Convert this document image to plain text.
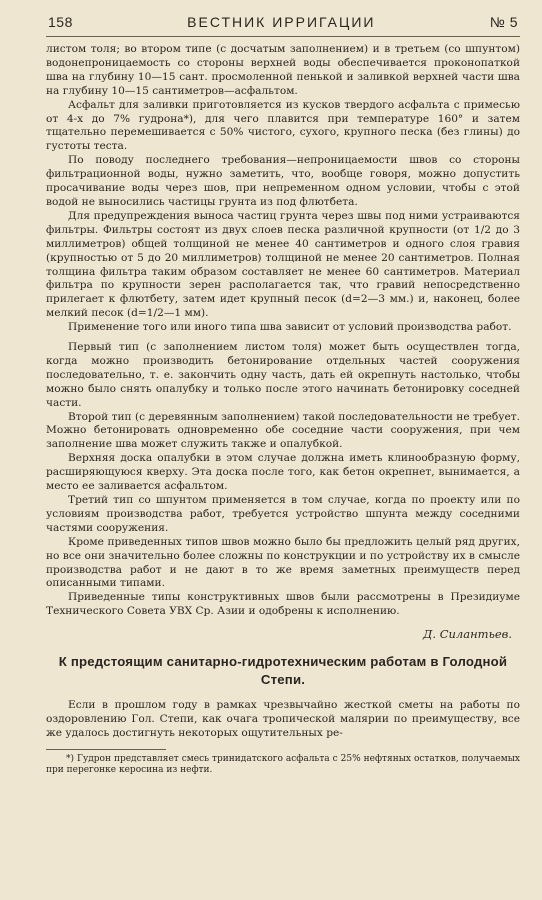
158	ВЕСТНИК ИРРИГАЦИИ	№ 5

листом толя; во втором типе (с досчатым заполнением) и в третьем (со шпунтом) водонепроницаемость со стороны верхней воды обеспечивается проконопаткой шва на глубину 10—15 сант. просмоленной пенькой и заливкой верхней части шва на глубину 10—15 сантиметров—асфальтом.

Асфальт для заливки приготовляется из кусков твердого асфальта с примесью от 4-х до 7% гудрона*), для чего плавится при температуре 160° и затем тщательно перемешивается с 50% чистого, сухого, крупного песка (без глины) до густоты теста.

По поводу последнего требования—непроницаемости швов со стороны фильтрационной воды, нужно заметить, что, вообще говоря, можно допустить просачивание воды через шов, при непременном одном условии, чтобы с этой водой не выносились частицы грунта из под флютбета.

Для предупреждения выноса частиц грунта через швы под ними устраиваются фильтры. Фильтры состоят из двух слоев песка различной крупности (от 1/2 до 3 миллиметров) общей толщиной не менее 40 сантиметров и одного слоя гравия (крупностью от 5 до 20 миллиметров) толщиной не менее 20 сантиметров. Полная толщина фильтра таким образом составляет не менее 60 сантиметров. Материал фильтра по крупности зерен располагается так, что гравий непосредственно прилегает к флютбету, затем идет крупный песок (d=2—3 мм.) и, наконец, более мелкий песок (d=1/2—1 мм).

Применение того или иного типа шва зависит от условий производства работ.

Первый тип (с заполнением листом толя) может быть осуществлен тогда, когда можно производить бетонирование отдельных частей сооружения последовательно, т. е. закончить одну часть, дать ей окрепнуть настолько, чтобы можно было снять опалубку и только после этого начинать бетонировку соседней части.

Второй тип (с деревянным заполнением) такой последовательности не требует. Можно бетонировать одновременно обе соседние части сооружения, при чем заполнение шва может служить также и опалубкой.

Верхняя доска опалубки в этом случае должна иметь клинообразную форму, расширяющуюся кверху. Эта доска после того, как бетон окрепнет, вынимается, а место ее заливается асфальтом.

Третий тип со шпунтом применяется в том случае, когда по проекту или по условиям производства работ, требуется устройство шпунта между соседними частями сооружения.

Кроме приведенных типов швов можно было бы предложить целый ряд других, но все они значительно более сложны по конструкции и по устройству их в смысле производства работ и не дают в то же время заметных преимуществ перед описанными типами.

Приведенные типы конструктивных швов были рассмотрены в Президиуме Технического Совета УВХ Ср. Азии и одобрены к исполнению.

Д. Силантьев.
К предстоящим санитарно-гидротехническим работам в Голодной Степи.

Если в прошлом году в рамках чрезвычайно жесткой сметы на работы по оздоровлению Гол. Степи, как очага тропической малярии по преимуществу, все же удалось достигнуть некоторых ощутительных ре-

*) Гудрон представляет смесь тринидатского асфальта с 25% нефтяных остатков, получаемых при перегонке керосина из нефти.
